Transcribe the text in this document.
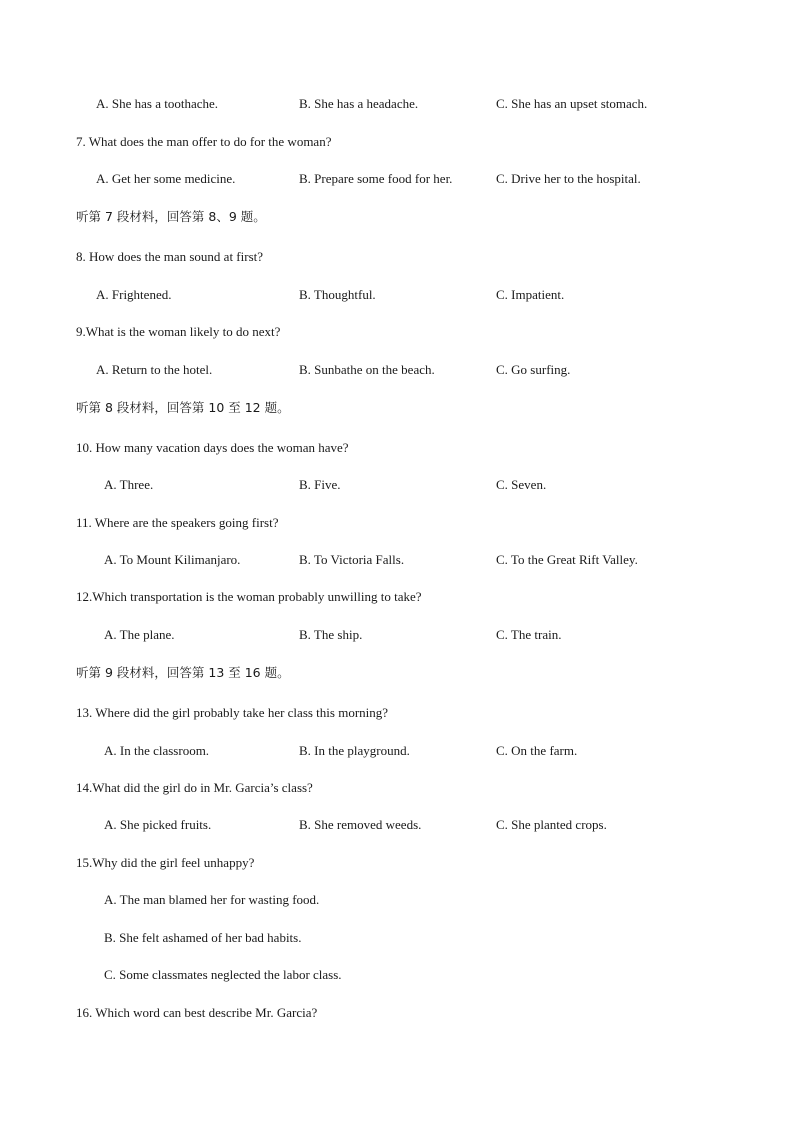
A. She has a toothache.	B. She has a headache.	C. She has an upset stomach.
7. What does the man offer to do for the woman?
A. Get her some medicine.	B. Prepare some food for her.	C. Drive her to the hospital.
听第 7 段材料，回答第 8、9 题。
8. How does the man sound at first?
A. Frightened.	B. Thoughtful.	C. Impatient.
9.What is the woman likely to do next?
A. Return to the hotel.	B. Sunbathe on the beach.	C. Go surfing.
听第 8 段材料，回答第 10 至 12 题。
10. How many vacation days does the woman have?
A. Three.	B. Five.	C. Seven.
11. Where are the speakers going first?
A. To Mount Kilimanjaro.	B. To Victoria Falls.	C. To the Great Rift Valley.
12.Which transportation is the woman probably unwilling to take?
A. The plane.	B. The ship.	C. The train.
听第 9 段材料，回答第 13 至 16 题。
13. Where did the girl probably take her class this morning?
A. In the classroom.	B. In the playground.	C. On the farm.
14.What did the girl do in Mr. Garcia’s class?
A. She picked fruits.	B. She removed weeds.	C. She planted crops.
15.Why did the girl feel unhappy?
A. The man blamed her for wasting food.
B. She felt ashamed of her bad habits.
C. Some classmates neglected the labor class.
16. Which word can best describe Mr. Garcia?
